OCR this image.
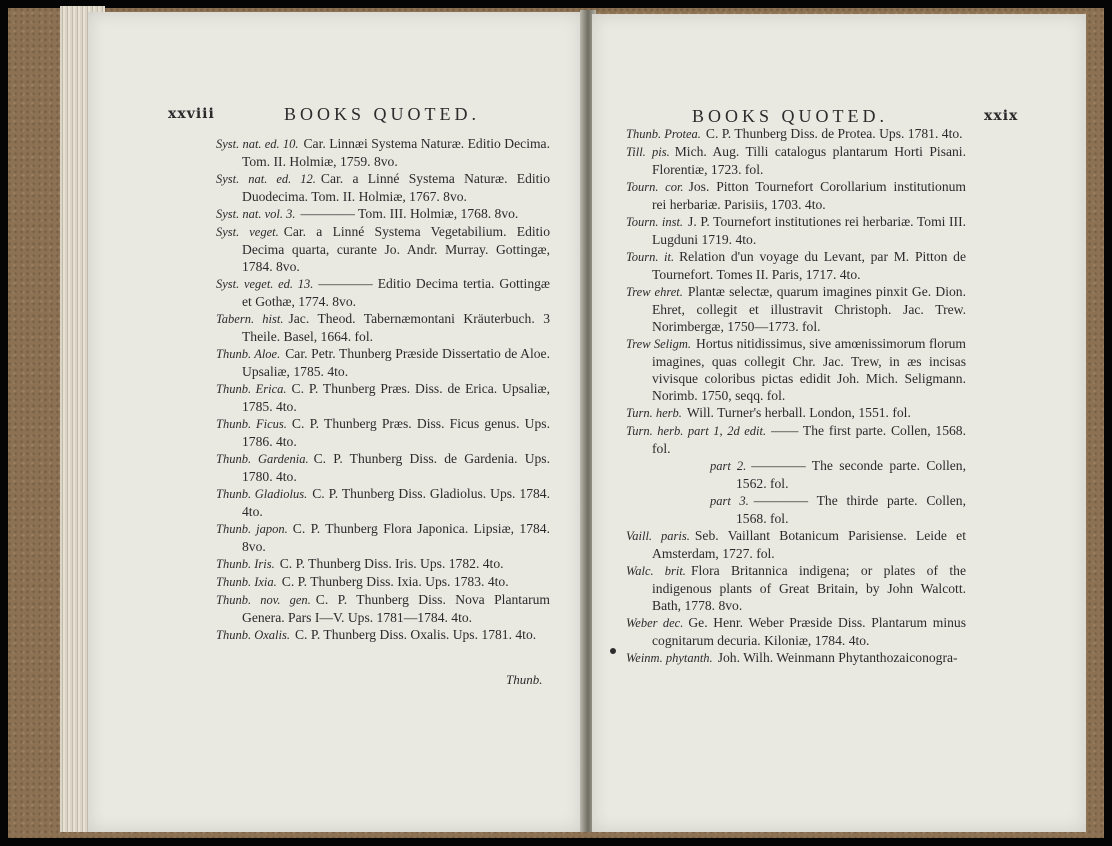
xxviii	BOOKS QUOTED.

Syst. nat. ed. 10. Car. Linnæi Systema Naturæ. Editio Decima. Tom. II. Holmiæ, 1759. 8vo.

Syst. nat. ed. 12. Car. a Linné Systema Naturæ. Editio Duodecima. Tom. II. Holmiæ, 1767. 8vo.

Syst. nat. vol. 3. ———— Tom. III. Holmiæ, 1768. 8vo.

Syst. veget. Car. a Linné Systema Vegetabilium. Editio Decima quarta, curante Jo. Andr. Murray. Gottingæ, 1784. 8vo.

Syst. veget. ed. 13. ———— Editio Decima tertia. Gottingæ et Gothæ, 1774. 8vo.

Tabern. hist. Jac. Theod. Tabernæmontani Kräuterbuch. 3 Theile. Basel, 1664. fol.

Thunb. Aloe. Car. Petr. Thunberg Præside Dissertatio de Aloe. Upsaliæ, 1785. 4to.

Thunb. Erica. C. P. Thunberg Præs. Diss. de Erica. Upsaliæ, 1785. 4to.

Thunb. Ficus. C. P. Thunberg Præs. Diss. Ficus genus. Ups. 1786. 4to.

Thunb. Gardenia. C. P. Thunberg Diss. de Gardenia. Ups. 1780. 4to.

Thunb. Gladiolus. C. P. Thunberg Diss. Gladiolus. Ups. 1784. 4to.

Thunb. japon. C. P. Thunberg Flora Japonica. Lipsiæ, 1784. 8vo.

Thunb. Iris. C. P. Thunberg Diss. Iris. Ups. 1782. 4to.

Thunb. Ixia. C. P. Thunberg Diss. Ixia. Ups. 1783. 4to.

Thunb. nov. gen. C. P. Thunberg Diss. Nova Plantarum Genera. Pars I—V. Ups. 1781—1784. 4to.

Thunb. Oxalis. C. P. Thunberg Diss. Oxalis. Ups. 1781. 4to.

Thunb.
xxix
BOOKS QUOTED.

Thunb. Protea. C. P. Thunberg Diss. de Protea. Ups. 1781. 4to.

Till. pis. Mich. Aug. Tilli catalogus plantarum Horti Pisani. Florentiæ, 1723. fol.

Tourn. cor. Jos. Pitton Tournefort Corollarium institutionum rei herbariæ. Parisiis, 1703. 4to.

Tourn. inst. J. P. Tournefort institutiones rei herbariæ. Tomi III. Lugduni 1719. 4to.

Tourn. it. Relation d'un voyage du Levant, par M. Pitton de Tournefort. Tomes II. Paris, 1717. 4to.

Trew ehret. Plantæ selectæ, quarum imagines pinxit Ge. Dion. Ehret, collegit et illustravit Christoph. Jac. Trew. Norimbergæ, 1750—1773. fol.

Trew Seligm. Hortus nitidissimus, sive amœnissimorum florum imagines, quas collegit Chr. Jac. Trew, in æs incisas vivisque coloribus pictas edidit Joh. Mich. Seligmann. Norimb. 1750, seqq. fol.

Turn. herb. Will. Turner's herball. London, 1551. fol.

Turn. herb. part 1, 2d edit. —— The first parte. Collen, 1568. fol.

part 2. ———— The seconde parte. Collen, 1562. fol.

part 3. ———— The thirde parte. Collen, 1568. fol.

Vaill. paris. Seb. Vaillant Botanicum Parisiense. Leide et Amsterdam, 1727. fol.

Walc. brit. Flora Britannica indigena; or plates of the indigenous plants of Great Britain, by John Walcott. Bath, 1778. 8vo.

Weber dec. Ge. Henr. Weber Præside Diss. Plantarum minus cognitarum decuria. Kiloniæ, 1784. 4to.

Weinm. phytanth. Joh. Wilh. Weinmann Phytanthozaiconogra-
